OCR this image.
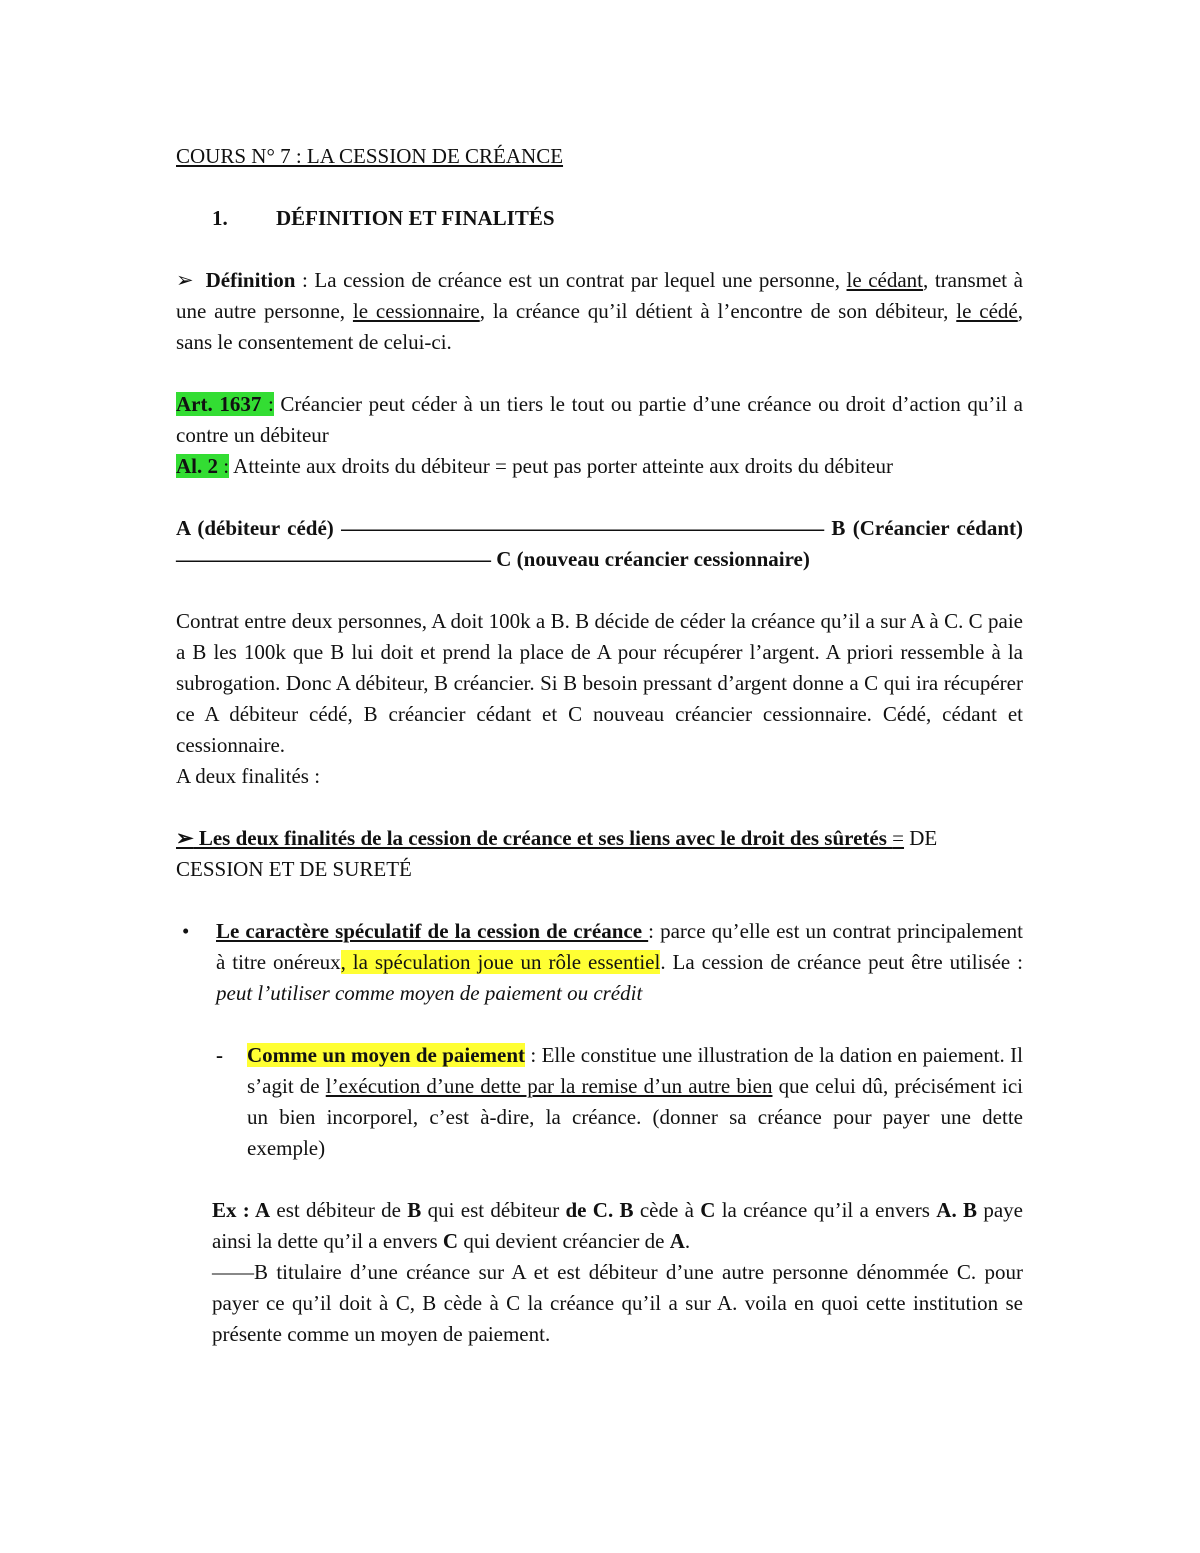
COURS N° 7 : LA CESSION DE CRÉANCE

1.	DÉFINITION ET FINALITÉS

➢ Définition : La cession de créance est un contrat par lequel une personne, le cédant, transmet à une autre personne, le cessionnaire, la créance qu’il détient à l’encontre de son débiteur, le cédé, sans le consentement de celui-ci.

Art. 1637 : Créancier peut céder à un tiers le tout ou partie d’une créance ou droit d’action qu’il a contre un débiteur

Al. 2 : Atteinte aux droits du débiteur = peut pas porter atteinte aux droits du débiteur

A (débiteur cédé) ——————————————————————— B (Créancier cédant)——————————————— C (nouveau créancier cessionnaire)

Contrat entre deux personnes, A doit 100k a B. B décide de céder la créance qu’il a sur A à C. C paie a B les 100k que B lui doit et prend la place de A pour récupérer l’argent. A priori ressemble à la subrogation. Donc A débiteur, B créancier. Si B besoin pressant d’argent donne a C qui ira récupérer ce A débiteur cédé, B créancier cédant et C nouveau créancier cessionnaire. Cédé, cédant et cessionnaire.

A deux finalités :

➢ Les deux finalités de la cession de créance et ses liens avec le droit des sûretés = DE CESSION ET DE SURETÉ

• Le caractère spéculatif de la cession de créance : parce qu’elle est un contrat principalement à titre onéreux, la spéculation joue un rôle essentiel. La cession de créance peut être utilisée : peut l’utiliser comme moyen de paiement ou crédit
- Comme un moyen de paiement : Elle constitue une illustration de la dation en paiement. Il s’agit de l’exécution d’une dette par la remise d’un autre bien que celui dû, précisément ici un bien incorporel, c’est à-dire, la créance. (donner sa créance pour payer une dette exemple)

Ex : A est débiteur de B qui est débiteur de C. B cède à C la créance qu’il a envers A. B paye ainsi la dette qu’il a envers C qui devient créancier de A.

——B titulaire d’une créance sur A et est débiteur d’une autre personne dénommée C. pour payer ce qu’il doit à C, B cède à C la créance qu’il a sur A. voila en quoi cette institution se présente comme un moyen de paiement.
